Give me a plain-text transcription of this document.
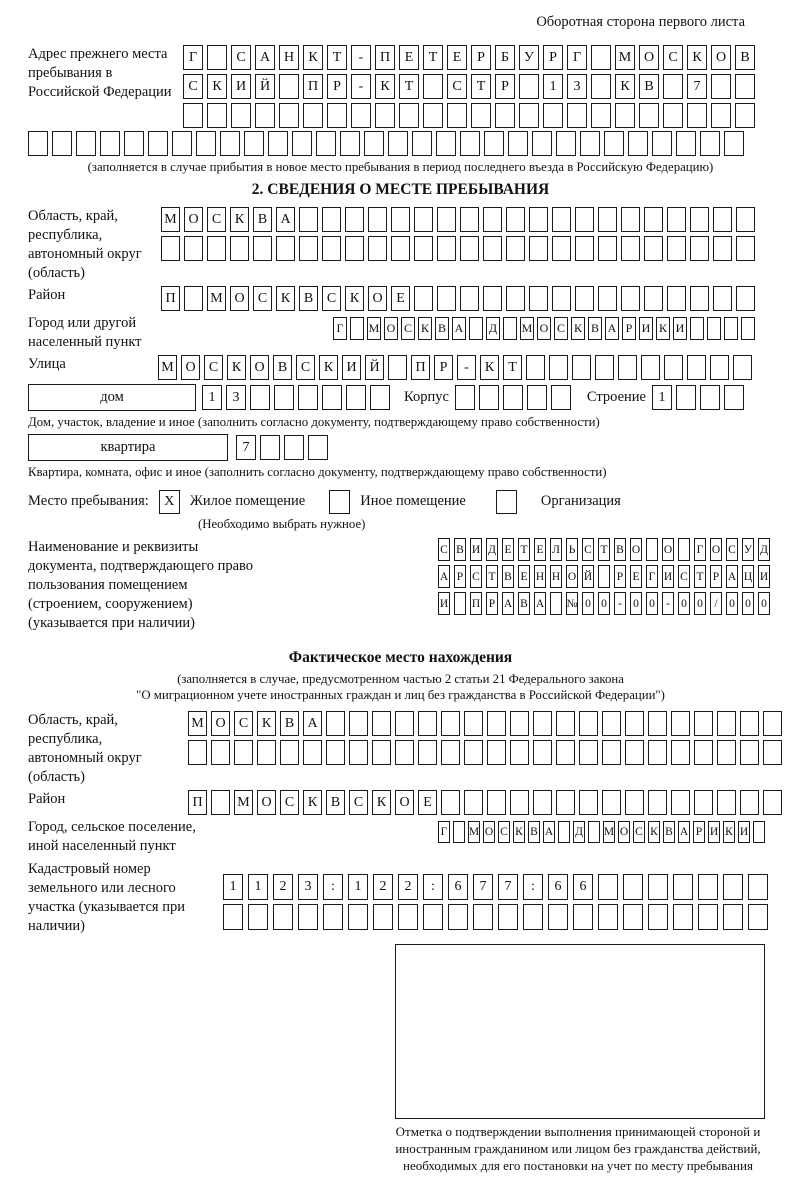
Оборотная сторона первого листа
Адрес прежнего места пребывания в Российской Федерации
Г	С	А Н	К	Т	-	П	Е	Т	Е	Р	Б	У	Р	Г	М О	С	К	О	В
С	К	И Й	П	Р	-	К	Т	С	Т	Р	1	3	К	В	7
(заполняется в случае прибытия в новое место пребывания в период последнего въезда в Российскую Федерацию)
2. СВЕДЕНИЯ О МЕСТЕ ПРЕБЫВАНИЯ
Область, край, республика, автономный округ (область)
М О С К В А
Район	П	М О С К В С К О Е
Город или другой населенный пункт
Г М О С К В А Д М О С К В А Р И К И
Улица	М О С К О В С К И Й	П	Р	-	К	Т
дом	1	3	Корпус	Строение 1
Дом, участок, владение и иное (заполнить согласно документу, подтверждающему право собственности)
квартира	7
Квартира, комната, офис и иное (заполнить согласно документу, подтверждающему право собственности)
Место пребывания:	X	Жилое помещение	Иное помещение	Организация
(Необходимо выбрать нужное)
Наименование и реквизиты документа, подтверждающего право пользования помещением (строением, сооружением) (указывается при наличии)
С В И Д Е Т Е Л Ь С Т В О О Г О С У Д
А Р С Т В Е Н Н О Й Р Е Г И С Т Р А Ц И
И П Р А В А № 0 0 - 0 0 - 0 0	/	0 0 0
Фактическое место нахождения
(заполняется в случае, предусмотренном частью 2 статьи 21 Федерального закона
"О миграционном учете иностранных граждан и лиц без гражданства в Российской Федерации")
Область, край, республика, автономный округ (область)
М О С К В А
Район	П	М О С К В С К О Е
Город, сельское поселение, иной населенный пункт
Г М О С К В А Д М О С К В А Р И К И
Кадастровый номер земельного или лесного участка (указывается при наличии)
1	1	2	3	:	1	2	2	:	6	7	7	:	6	6
Отметка о подтверждении выполнения принимающей стороной и иностранным гражданином или лицом без гражданства действий, необходимых для его постановки на учет по месту пребывания
